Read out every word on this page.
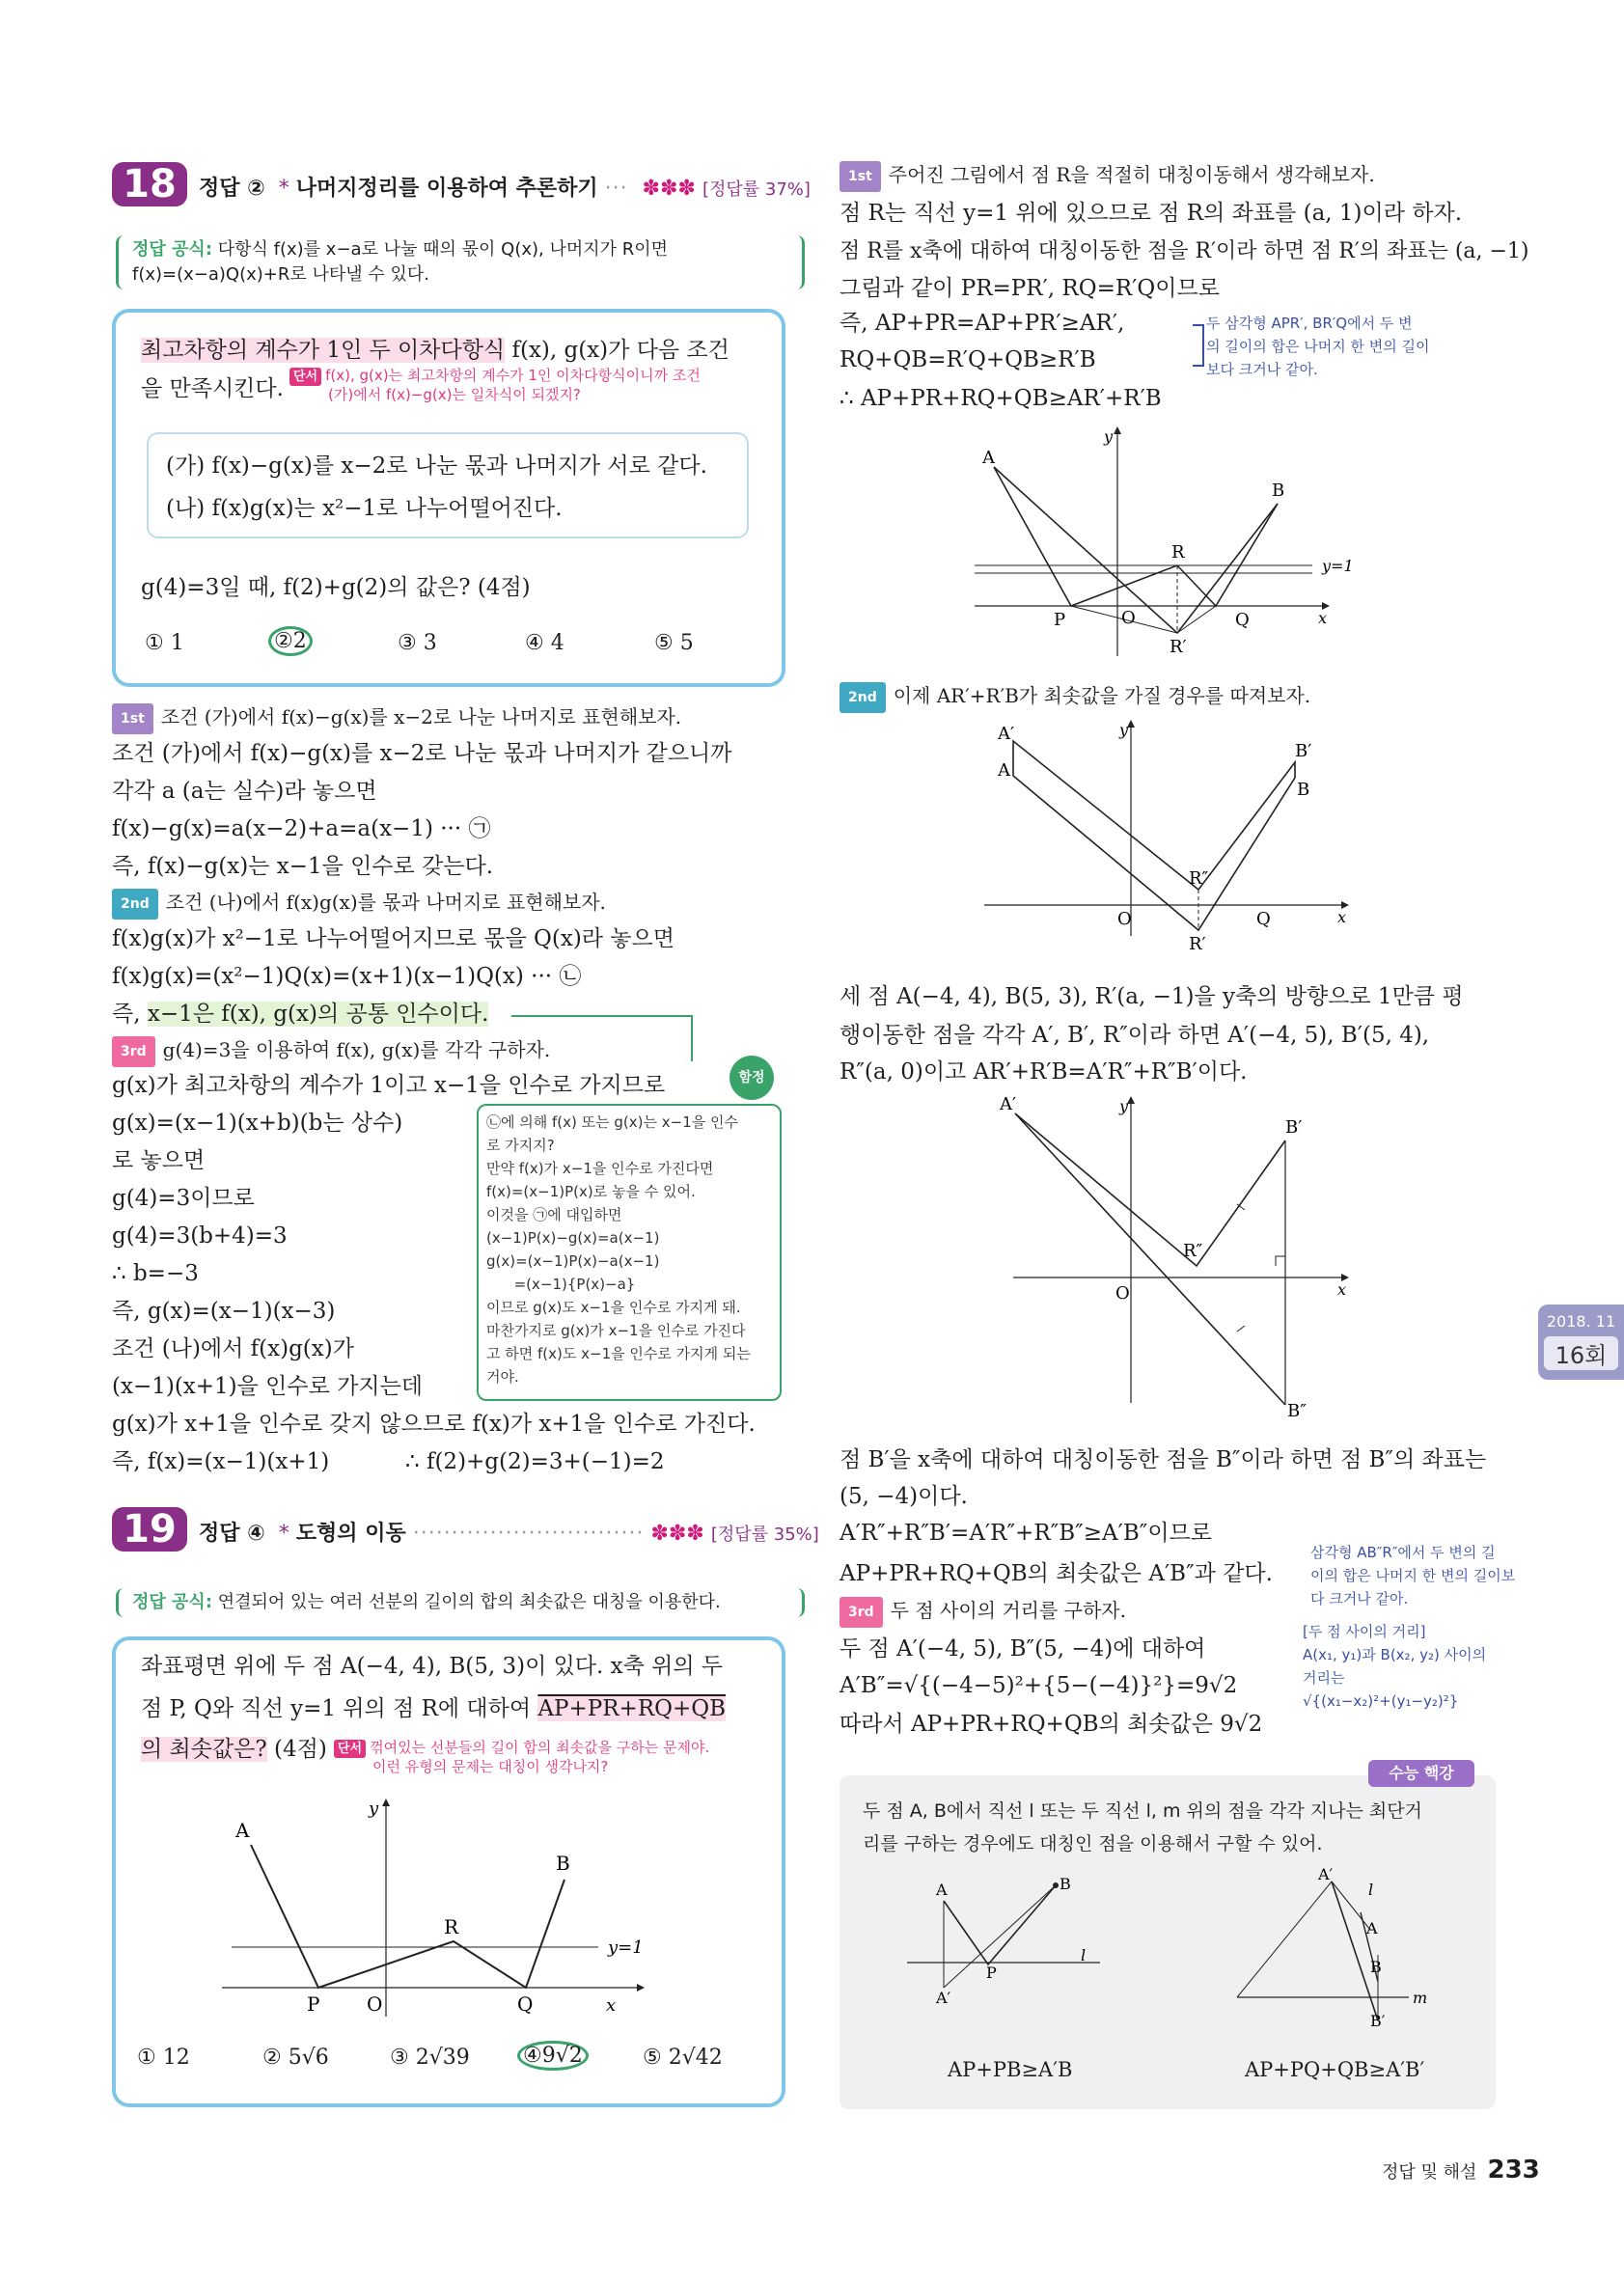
18	정답 ②  * 나머지정리를 이용하여 추론하기 ···  ✽✽✽ [정답률 37%]
정답 공식: 다항식 f(x)를 x−a로 나눌 때의 몫이 Q(x), 나머지가 R이면
f(x)=(x−a)Q(x)+R로 나타낼 수 있다.
최고차항의 계수가 1인 두 이차다항식 f(x), g(x)가 다음 조건
을 만족시킨다. 단서 f(x), g(x)는 최고차항의 계수가 1인 이차다항식이니까 조건
(가)에서 f(x)−g(x)는 일차식이 되겠지?
(가) f(x)−g(x)를 x−2로 나눈 몫과 나머지가 서로 같다.
(나) f(x)g(x)는 x²−1로 나누어떨어진다.
g(4)=3일 때, f(2)+g(2)의 값은? (4점)
① 1	②2	③ 3	④ 4	⑤ 5
1st 조건 (가)에서 f(x)−g(x)를 x−2로 나눈 나머지로 표현해보자.
조건 (가)에서 f(x)−g(x)를 x−2로 나눈 몫과 나머지가 같으니까
각각 a (a는 실수)라 놓으면
f(x)−g(x)=a(x−2)+a=a(x−1) ··· ㉠
즉, f(x)−g(x)는 x−1을 인수로 갖는다.
2nd 조건 (나)에서 f(x)g(x)를 몫과 나머지로 표현해보자.
f(x)g(x)가 x²−1로 나누어떨어지므로 몫을 Q(x)라 놓으면
f(x)g(x)=(x²−1)Q(x)=(x+1)(x−1)Q(x) ··· ㉡
즉, x−1은 f(x), g(x)의 공통 인수이다.
3rd g(4)=3을 이용하여 f(x), g(x)를 각각 구하자.
g(x)가 최고차항의 계수가 1이고 x−1을 인수로 가지므로
g(x)=(x−1)(x+b)(b는 상수)
로 놓으면
g(4)=3이므로
g(4)=3(b+4)=3
∴ b=−3
즉, g(x)=(x−1)(x−3)
조건 (나)에서 f(x)g(x)가
(x−1)(x+1)을 인수로 가지는데
g(x)가 x+1을 인수로 갖지 않으므로 f(x)가 x+1을 인수로 가진다.
즉, f(x)=(x−1)(x+1)	∴ f(2)+g(2)=3+(−1)=2
함정
㉡에 의해 f(x) 또는 g(x)는 x−1을 인수
로 가지지?
만약 f(x)가 x−1을 인수로 가진다면
f(x)=(x−1)P(x)로 놓을 수 있어.
이것을 ㉠에 대입하면
(x−1)P(x)−g(x)=a(x−1)
g(x)=(x−1)P(x)−a(x−1)
=(x−1){P(x)−a}
이므로 g(x)도 x−1을 인수로 가지게 돼.
마찬가지로 g(x)가 x−1을 인수로 가진다
고 하면 f(x)도 x−1을 인수로 가지게 되는
거야.
19	정답 ④  * 도형의 이동 ······························ ✽✽✽ [정답률 35%]
정답 공식: 연결되어 있는 여러 선분의 길이의 합의 최솟값은 대칭을 이용한다.
좌표평면 위에 두 점 A(−4, 4), B(5, 3)이 있다. x축 위의 두
점 P, Q와 직선 y=1 위의 점 R에 대하여 AP+PR+RQ+QB
의 최솟값은? (4점) 단서 꺾여있는 선분들의 길이 합의 최솟값을 구하는 문제야.
이런 유형의 문제는 대칭이 생각나지?
A
B
P O	Q
R
y=1
x
y
① 12	② 5√6	③ 2√39	④9√2	⑤ 2√42
1st 주어진 그림에서 점 R을 적절히 대칭이동해서 생각해보자.
점 R는 직선 y=1 위에 있으므로 점 R의 좌표를 (a, 1)이라 하자.
점 R를 x축에 대하여 대칭이동한 점을 R′이라 하면 점 R′의 좌표는 (a, −1)
그림과 같이 PR=PR′, RQ=R′Q이므로
즉, AP+PR=AP+PR′≥AR′,
RQ+QB=R′Q+QB≥R′B
∴ AP+PR+RQ+QB≥AR′+R′B
두 삼각형 APR′, BR′Q에서 두 변
의 길이의 합은 나머지 한 변의 길이
보다 크거나 같아.
A
B
R
R′
P	O	Q
y=1
x
y
2nd 이제 AR′+R′B가 최솟값을 가질 경우를 따져보자.
A′
A
B′
B
R″
R′
O	Q	x
y
세 점 A(−4, 4), B(5, 3), R′(a, −1)을 y축의 방향으로 1만큼 평
행이동한 점을 각각 A′, B′, R″이라 하면 A′(−4, 5), B′(5, 4),
R″(a, 0)이고 AR′+R′B=A′R″+R″B′이다.
A′
B′
R″
O
B″
x
y
점 B′을 x축에 대하여 대칭이동한 점을 B″이라 하면 점 B″의 좌표는
(5, −4)이다.
A′R″+R″B′=A′R″+R″B″≥A′B″이므로
AP+PR+RQ+QB의 최솟값은 A′B″과 같다.
삼각형 AB″R″에서 두 변의 길
이의 합은 나머지 한 변의 길이보
다 크거나 같아.
3rd 두 점 사이의 거리를 구하자.
두 점 A′(−4, 5), B″(5, −4)에 대하여
A′B″=√{(−4−5)²+{5−(−4)}²}=9√2
따라서 AP+PR+RQ+QB의 최솟값은 9√2
[두 점 사이의 거리]
A(x₁, y₁)과 B(x₂, y₂) 사이의
거리는
√{(x₁−x₂)²+(y₁−y₂)²}
수능 핵강
두 점 A, B에서 직선 l 또는 두 직선 l, m 위의 점을 각각 지나는 최단거
리를 구하는 경우에도 대칭인 점을 이용해서 구할 수 있어.
A	B
P
A′
l
AP+PB≥A′B
A′
A
B
B′
l
m
AP+PQ+QB≥A′B′
2018. 11
16회
정답 및 해설 233
